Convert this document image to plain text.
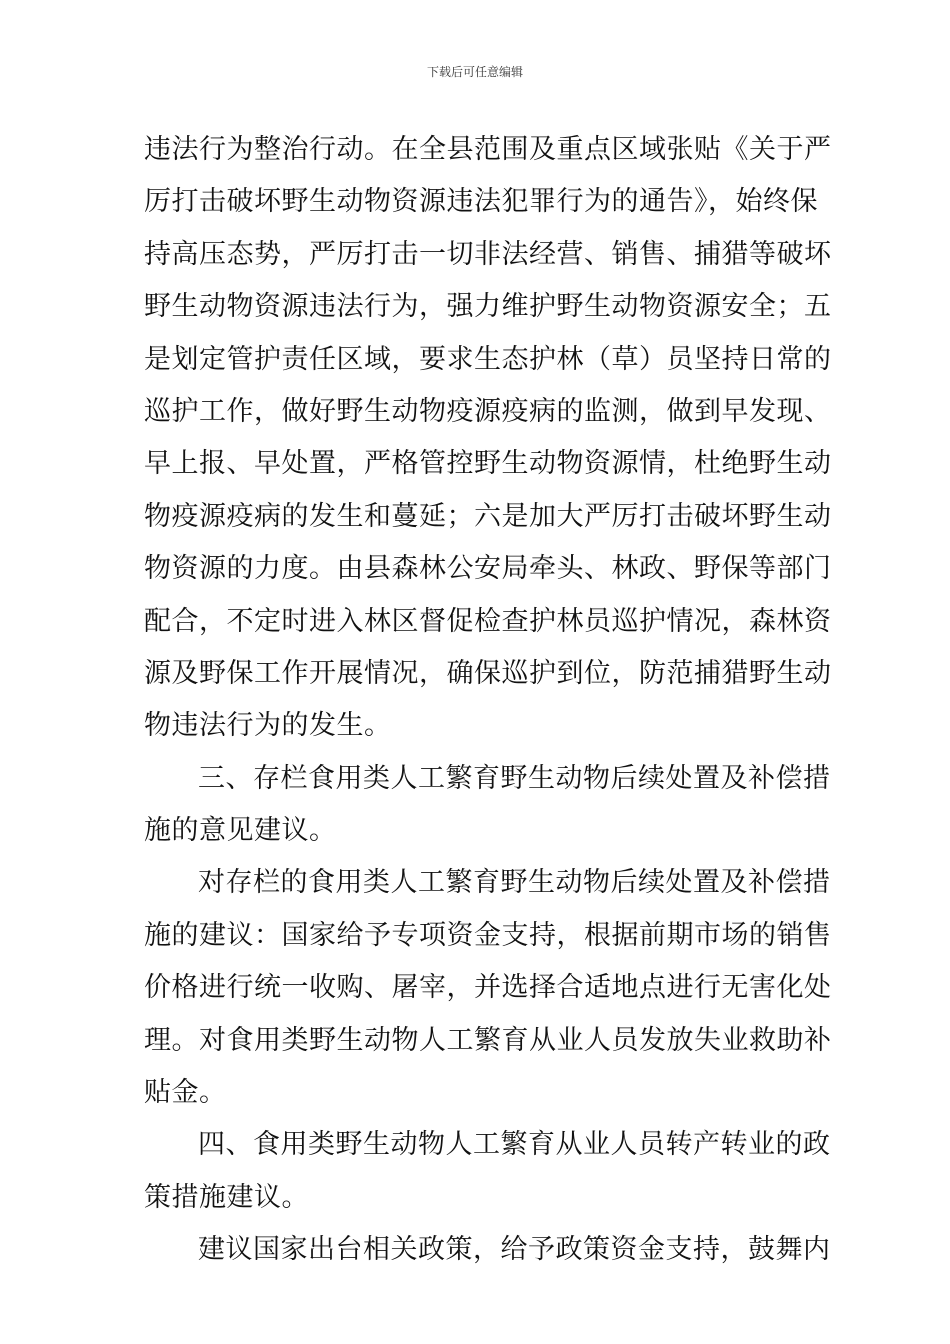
下载后可任意编辑
违法行为整治行动。在全县范围及重点区域张贴《关于严
厉打击破坏野生动物资源违法犯罪行为的通告》，始终保
持高压态势，严厉打击一切非法经营、销售、捕猎等破坏
野生动物资源违法行为，强力维护野生动物资源安全；五
是划定管护责任区域，要求生态护林（草）员坚持日常的
巡护工作，做好野生动物疫源疫病的监测，做到早发现、
早上报、早处置，严格管控野生动物资源情，杜绝野生动
物疫源疫病的发生和蔓延；六是加大严厉打击破坏野生动
物资源的力度。由县森林公安局牵头、林政、野保等部门
配合，不定时进入林区督促检查护林员巡护情况，森林资
源及野保工作开展情况，确保巡护到位，防范捕猎野生动
物违法行为的发生。
三、存栏食用类人工繁育野生动物后续处置及补偿措
施的意见建议。
对存栏的食用类人工繁育野生动物后续处置及补偿措
施的建议：国家给予专项资金支持，根据前期市场的销售
价格进行统一收购、屠宰，并选择合适地点进行无害化处
理。对食用类野生动物人工繁育从业人员发放失业救助补
贴金。
四、食用类野生动物人工繁育从业人员转产转业的政
策措施建议。
建议国家出台相关政策，给予政策资金支持，鼓舞内
